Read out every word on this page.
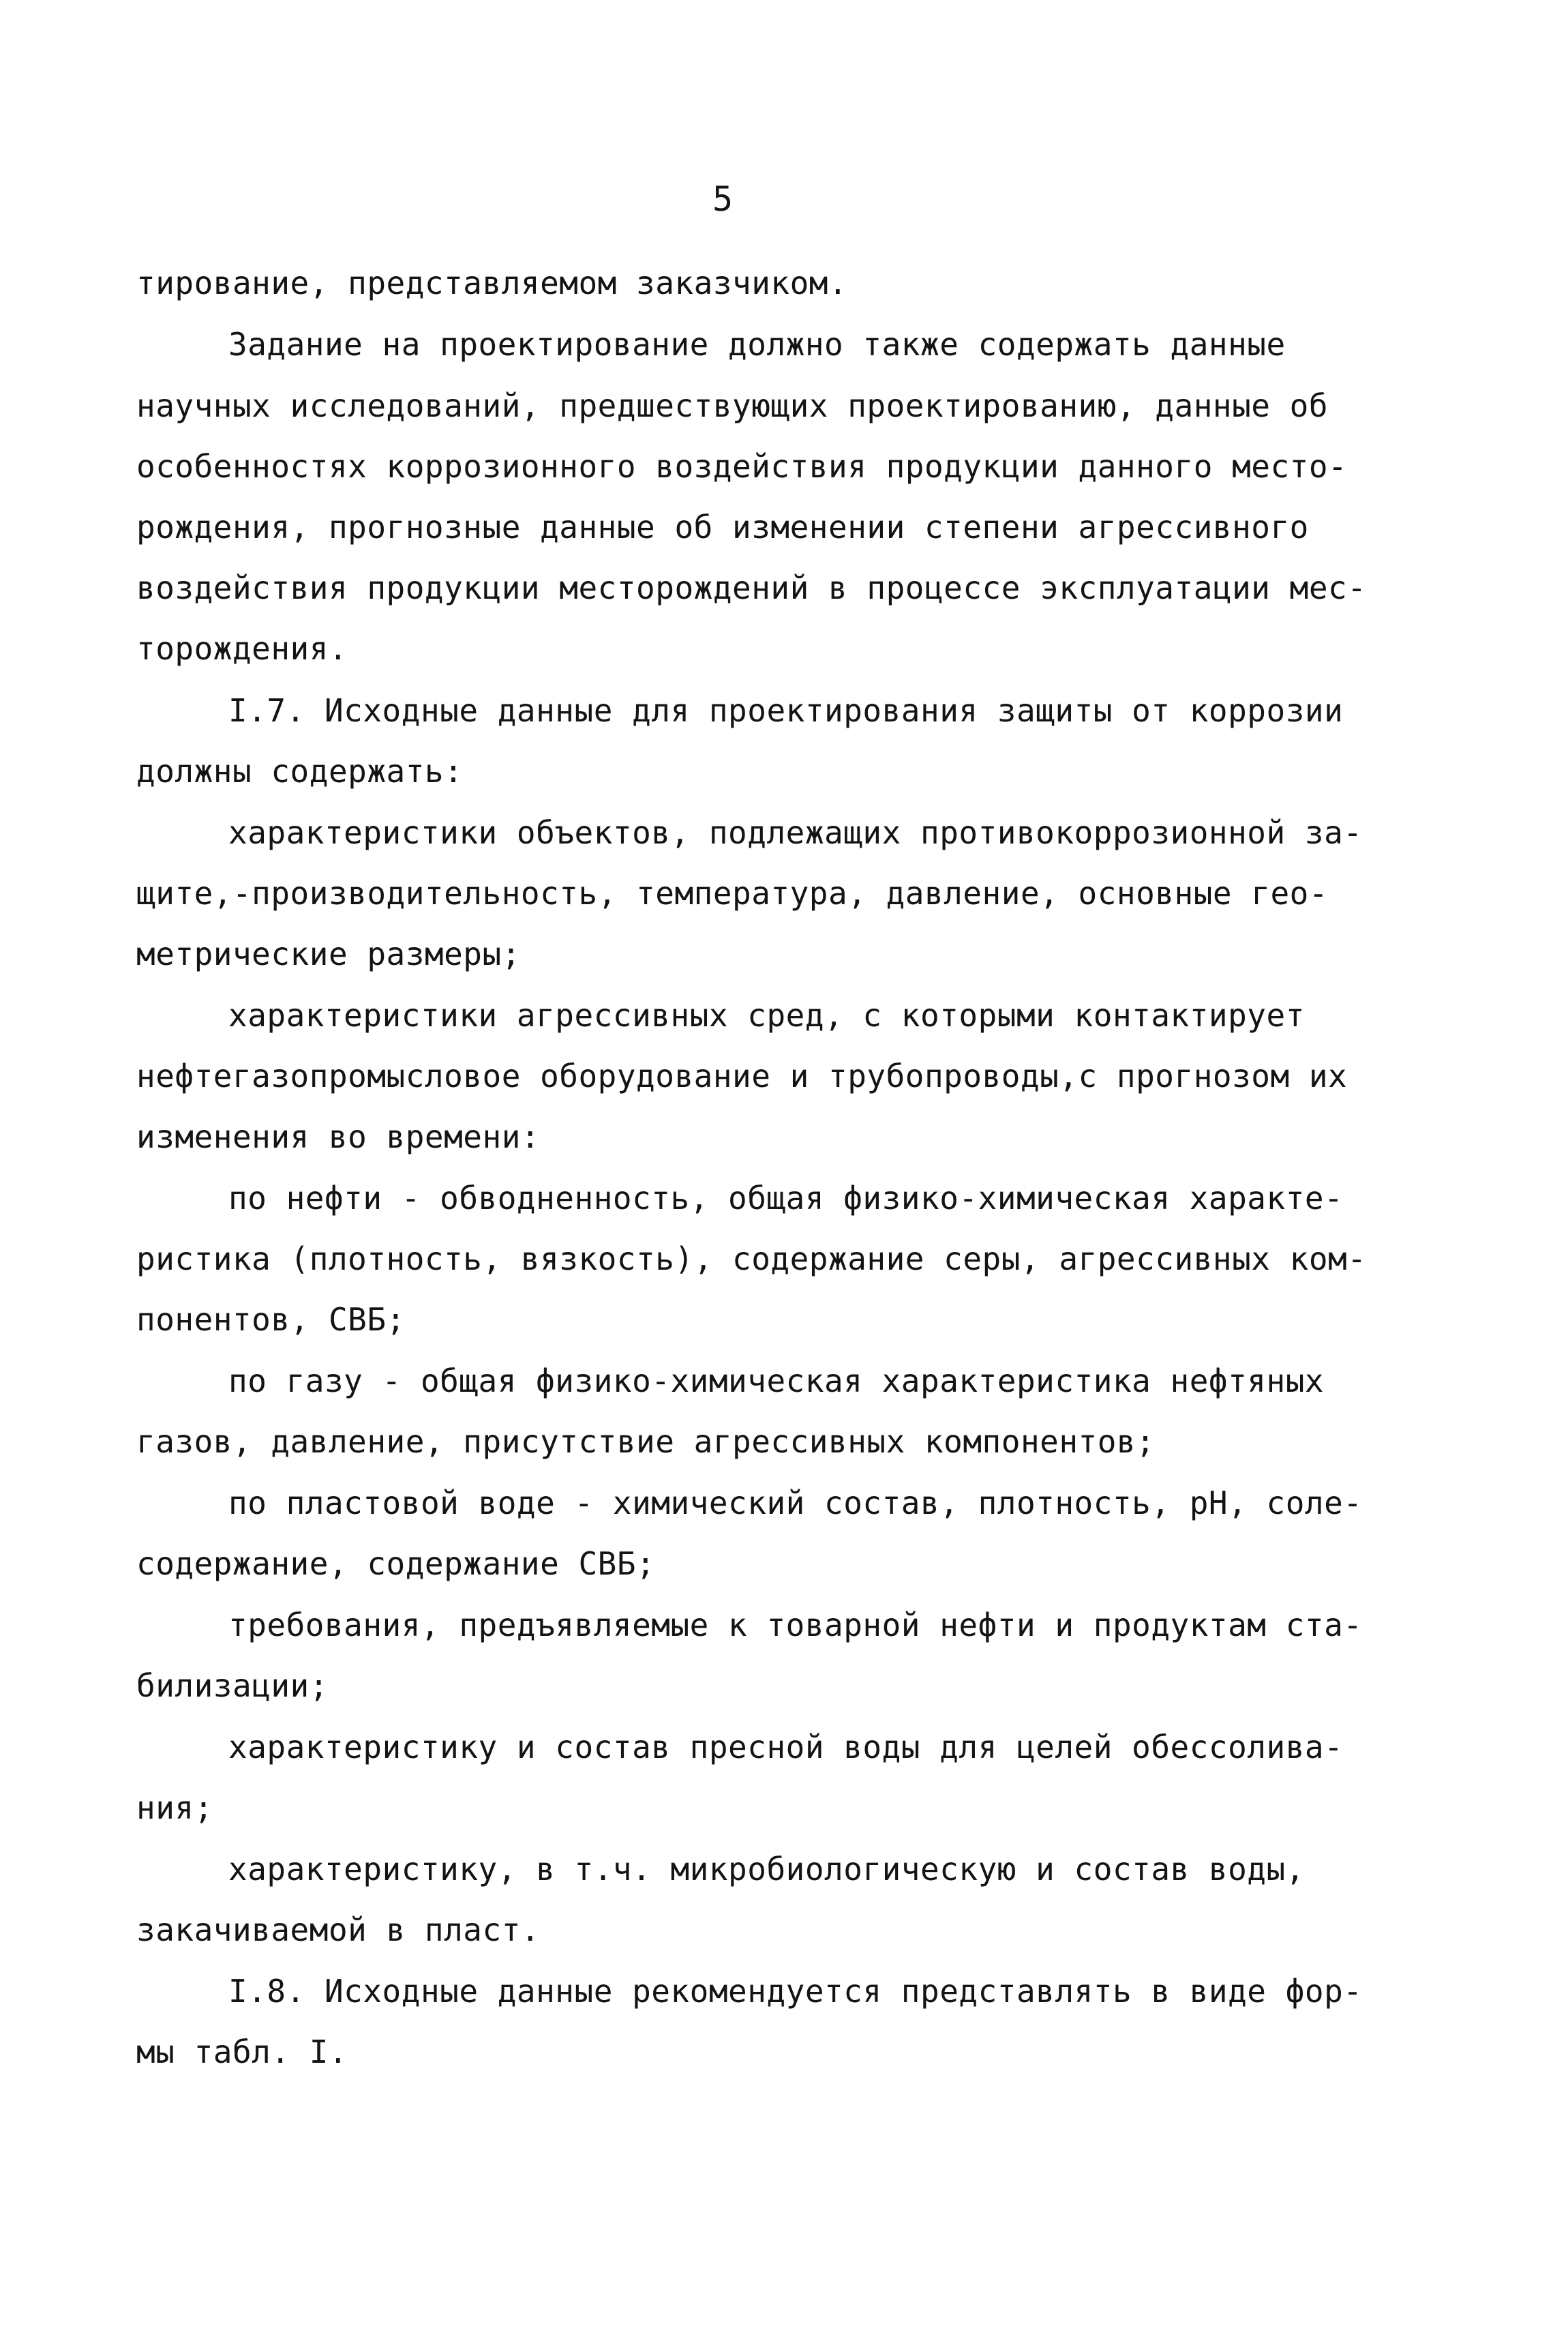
5
тирование, представляемом заказчиком.
Задание на проектирование должно также содержать данные
научных исследований, предшествующих проектированию, данные об
особенностях коррозионного воздействия продукции данного место-
рождения, прогнозные данные об изменении степени агрессивного
воздействия продукции месторождений в процессе эксплуатации мес-
торождения.
I.7. Исходные данные для проектирования защиты от коррозии
должны содержать:
характеристики объектов, подлежащих противокоррозионной за-
щите,-производительность, температура, давление, основные гео-
метрические размеры;
характеристики агрессивных сред, с которыми контактирует
нефтегазопромысловое оборудование и трубопроводы,с прогнозом их
изменения во времени:
по нефти - обводненность, общая физико-химическая характе-
ристика (плотность, вязкость), содержание серы, агрессивных ком-
понентов, СВБ;
по газу - общая физико-химическая характеристика нефтяных
газов, давление, присутствие агрессивных компонентов;
по пластовой воде - химический состав, плотность, pH, соле-
содержание, содержание СВБ;
требования, предъявляемые к товарной нефти и продуктам ста-
билизации;
характеристику и состав пресной воды для целей обессолива-
ния;
характеристику, в т.ч. микробиологическую и состав воды,
закачиваемой в пласт.
I.8. Исходные данные рекомендуется представлять в виде фор-
мы табл. I.
